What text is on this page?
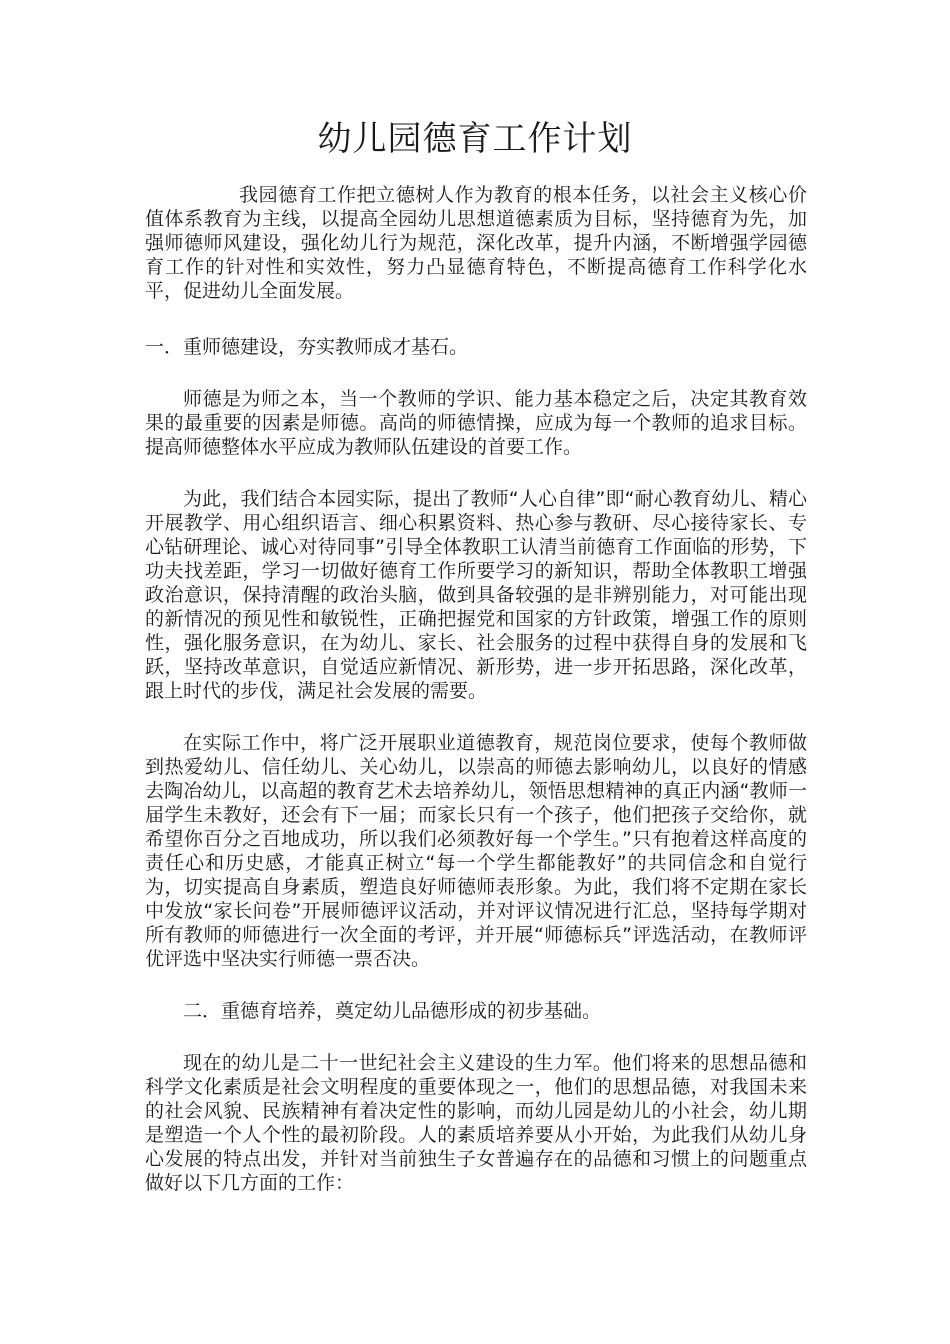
幼儿园德育工作计划

我园德育工作把立德树人作为教育的根本任务，以社会主义核心价值体系教育为主线，以提高全园幼儿思想道德素质为目标，坚持德育为先，加强师德师风建设，强化幼儿行为规范，深化改革，提升内涵，不断增强学园德育工作的针对性和实效性，努力凸显德育特色，不断提高德育工作科学化水平，促进幼儿全面发展。

一．重师德建设，夯实教师成才基石。

师德是为师之本，当一个教师的学识、能力基本稳定之后，决定其教育效果的最重要的因素是师德。高尚的师德情操，应成为每一个教师的追求目标。提高师德整体水平应成为教师队伍建设的首要工作。

为此，我们结合本园实际，提出了教师“人心自律”即“耐心教育幼儿、精心开展教学、用心组织语言、细心积累资料、热心参与教研、尽心接待家长、专心钻研理论、诚心对待同事”引导全体教职工认清当前德育工作面临的形势，下功夫找差距，学习一切做好德育工作所要学习的新知识，帮助全体教职工增强政治意识，保持清醒的政治头脑，做到具备较强的是非辨别能力，对可能出现的新情况的预见性和敏锐性，正确把握党和国家的方针政策，增强工作的原则性，强化服务意识，在为幼儿、家长、社会服务的过程中获得自身的发展和飞跃，坚持改革意识，自觉适应新情况、新形势，进一步开拓思路，深化改革，跟上时代的步伐，满足社会发展的需要。

在实际工作中，将广泛开展职业道德教育，规范岗位要求，使每个教师做到热爱幼儿、信任幼儿、关心幼儿，以崇高的师德去影响幼儿，以良好的情感去陶冶幼儿，以高超的教育艺术去培养幼儿，领悟思想精神的真正内涵“教师一届学生未教好，还会有下一届；而家长只有一个孩子，他们把孩子交给你，就希望你百分之百地成功，所以我们必须教好每一个学生。”只有抱着这样高度的责任心和历史感，才能真正树立“每一个学生都能教好”的共同信念和自觉行为，切实提高自身素质，塑造良好师德师表形象。为此，我们将不定期在家长中发放“家长问卷”开展师德评议活动，并对评议情况进行汇总，坚持每学期对所有教师的师德进行一次全面的考评，并开展“师德标兵”评选活动，在教师评优评选中坚决实行师德一票否决。

二．重德育培养，奠定幼儿品德形成的初步基础。

现在的幼儿是二十一世纪社会主义建设的生力军。他们将来的思想品德和科学文化素质是社会文明程度的重要体现之一，他们的思想品德，对我国未来的社会风貌、民族精神有着决定性的影响，而幼儿园是幼儿的小社会，幼儿期是塑造一个人个性的最初阶段。人的素质培养要从小开始，为此我们从幼儿身心发展的特点出发，并针对当前独生子女普遍存在的品德和习惯上的问题重点做好以下几方面的工作：
